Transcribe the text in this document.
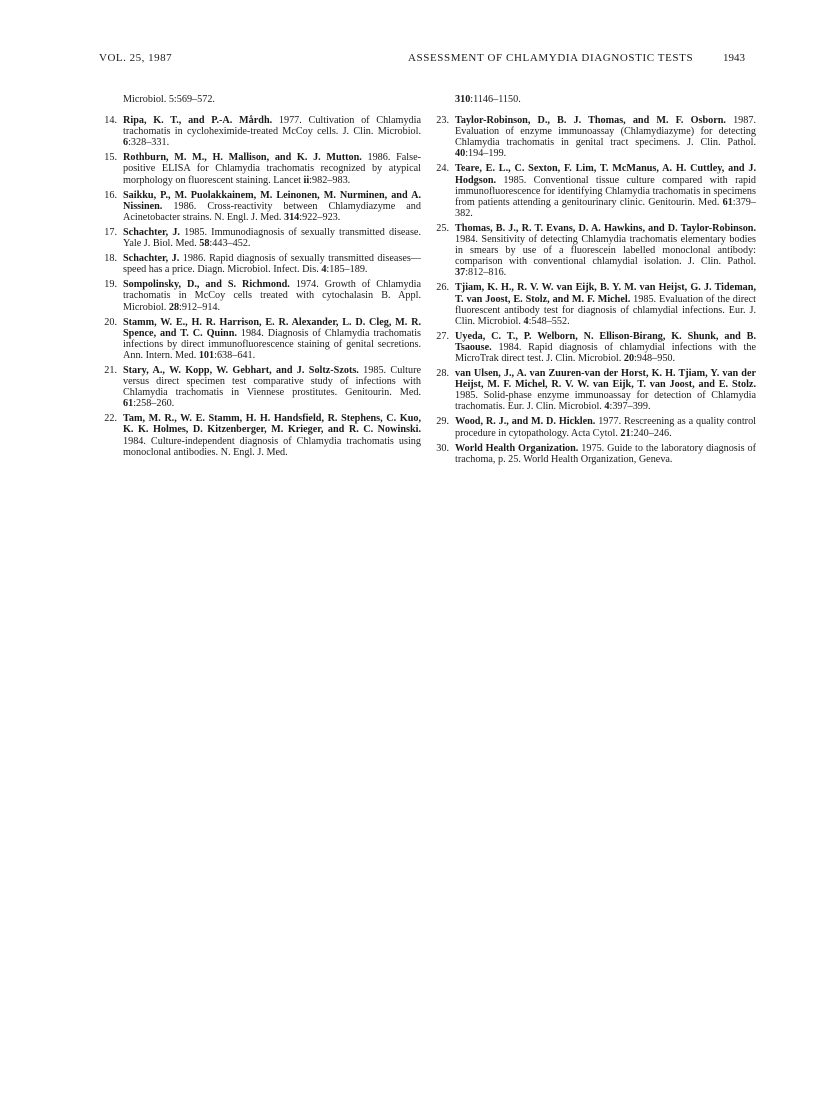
VOL. 25, 1987	ASSESSMENT OF CHLAMYDIA DIAGNOSTIC TESTS	1943
Microbiol. 5:569–572.
14. Ripa, K. T., and P.-A. Mårdh. 1977. Cultivation of Chlamydia trachomatis in cycloheximide-treated McCoy cells. J. Clin. Microbiol. 6:328–331.
15. Rothburn, M. M., H. Mallison, and K. J. Mutton. 1986. False-positive ELISA for Chlamydia trachomatis recognized by atypical morphology on fluorescent staining. Lancet ii:982–983.
16. Saikku, P., M. Puolakkainem, M. Leinonen, M. Nurminen, and A. Nissinen. 1986. Cross-reactivity between Chlamydiazyme and Acinetobacter strains. N. Engl. J. Med. 314:922–923.
17. Schachter, J. 1985. Immunodiagnosis of sexually transmitted disease. Yale J. Biol. Med. 58:443–452.
18. Schachter, J. 1986. Rapid diagnosis of sexually transmitted diseases—speed has a price. Diagn. Microbiol. Infect. Dis. 4:185–189.
19. Sompolinsky, D., and S. Richmond. 1974. Growth of Chlamydia trachomatis in McCoy cells treated with cytochalasin B. Appl. Microbiol. 28:912–914.
20. Stamm, W. E., H. R. Harrison, E. R. Alexander, L. D. Cleg, M. R. Spence, and T. C. Quinn. 1984. Diagnosis of Chlamydia trachomatis infections by direct immunofluorescence staining of genital secretions. Ann. Intern. Med. 101:638–641.
21. Stary, A., W. Kopp, W. Gebhart, and J. Soltz-Szots. 1985. Culture versus direct specimen test comparative study of infections with Chlamydia trachomatis in Viennese prostitutes. Genitourin. Med. 61:258–260.
22. Tam, M. R., W. E. Stamm, H. H. Handsfield, R. Stephens, C. Kuo, K. K. Holmes, D. Kitzenberger, M. Krieger, and R. C. Nowinski. 1984. Culture-independent diagnosis of Chlamydia trachomatis using monoclonal antibodies. N. Engl. J. Med.
310:1146–1150.
23. Taylor-Robinson, D., B. J. Thomas, and M. F. Osborn. 1987. Evaluation of enzyme immunoassay (Chlamydiazyme) for detecting Chlamydia trachomatis in genital tract specimens. J. Clin. Pathol. 40:194–199.
24. Teare, E. L., C. Sexton, F. Lim, T. McManus, A. H. Cuttley, and J. Hodgson. 1985. Conventional tissue culture compared with rapid immunofluorescence for identifying Chlamydia trachomatis in specimens from patients attending a genitourinary clinic. Genitourin. Med. 61:379–382.
25. Thomas, B. J., R. T. Evans, D. A. Hawkins, and D. Taylor-Robinson. 1984. Sensitivity of detecting Chlamydia trachomatis elementary bodies in smears by use of a fluorescein labelled monoclonal antibody: comparison with conventional chlamydial isolation. J. Clin. Pathol. 37:812–816.
26. Tjiam, K. H., R. V. W. van Eijk, B. Y. M. van Heijst, G. J. Tideman, T. van Joost, E. Stolz, and M. F. Michel. 1985. Evaluation of the direct fluorescent antibody test for diagnosis of chlamydial infections. Eur. J. Clin. Microbiol. 4:548–552.
27. Uyeda, C. T., P. Welborn, N. Ellison-Birang, K. Shunk, and B. Tsaouse. 1984. Rapid diagnosis of chlamydial infections with the MicroTrak direct test. J. Clin. Microbiol. 20:948–950.
28. van Ulsen, J., A. van Zuuren-van der Horst, K. H. Tjiam, Y. van der Heijst, M. F. Michel, R. V. W. van Eijk, T. van Joost, and E. Stolz. 1985. Solid-phase enzyme immunoassay for detection of Chlamydia trachomatis. Eur. J. Clin. Microbiol. 4:397–399.
29. Wood, R. J., and M. D. Hicklen. 1977. Rescreening as a quality control procedure in cytopathology. Acta Cytol. 21:240–246.
30. World Health Organization. 1975. Guide to the laboratory diagnosis of trachoma, p. 25. World Health Organization, Geneva.
